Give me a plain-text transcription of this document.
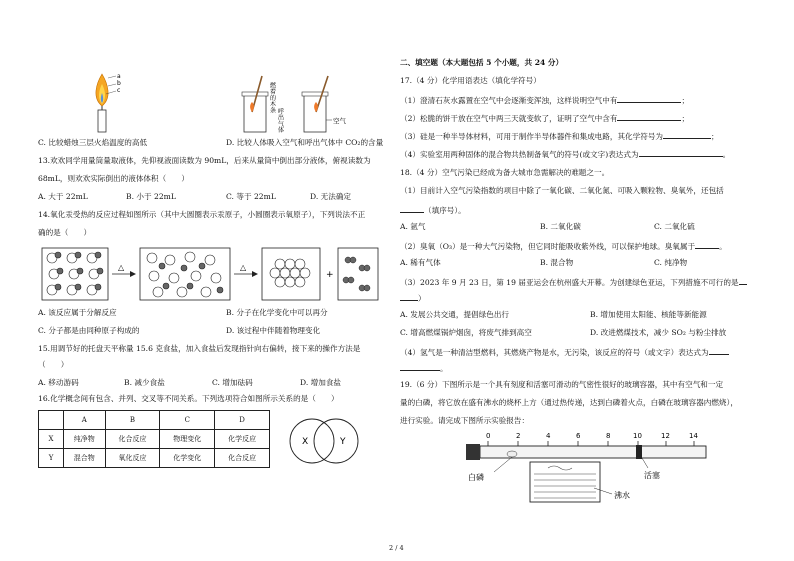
a
b
c	燃着的木条
呼出气体	空气
C. 比较蜡烛三层火焰温度的高低	D. 比较人体吸入空气和呼出气体中 CO₂的含量
13.欢欢同学用量筒量取液体，先仰视液面读数为 90mL，后来从量筒中倒出部分液体，俯视读数为
68mL，则欢欢实际倒出的液体体积（　　）
A. 大于 22mL	B. 小于 22mL	C. 等于 22mL	D. 无法确定
14.氧化汞受热的反应过程如图所示（其中大圆圈表示汞原子，小圆圈表示氧原子），下列说法不正
确的是（　　）
△	△
+
A. 该反应属于分解反应	B. 分子在化学变化中可以再分
C. 分子都是由同种原子构成的	D. 该过程中伴随着物理变化
15.用调节好的托盘天平称量 15.6 克食盐，加入食盐后发现指针向右偏转，接下来的操作方法是
（　　）
A. 移动游码	B. 减少食盐	C. 增加砝码	D. 增加食盐
16.化学概念间有包含、并列、交叉等不同关系。下列选项符合如图所示关系的是（　　）
	A	B	C	D
X	纯净物	化合反应	物理变化	化学反应
Y	混合物	氧化反应	化学变化	化合反应
X	Y
二、填空题（本大题包括 5 个小题，共 24 分）
17.（4 分）化学用语表达（填化学符号）
（1）澄清石灰水露置在空气中会逐渐变浑浊，这样说明空气中有	；
（2）松脆的饼干放在空气中两三天就变软了，证明了空气中含有	；
（3）硅是一种半导体材料，可用于制作半导体器件和集成电路，其化学符号为	；
（4）实验室用两种固体的混合物共热制备氧气的符号(或文字)表达式为	。
18.（4 分）空气污染已经成为备大城市急需解决的难题之一。
（1）目前计入空气污染指数的项目中除了一氧化碳、二氧化氮、可吸入颗粒物、臭氧外，还包括
（填序号）。
A. 氩气	B. 二氧化碳	C. 二氧化硫
（2）臭氧（O₃）是一种大气污染物，但它同时能吸收紫外线，可以保护地球。臭氧属于	。
A. 稀有气体	B. 混合物	C. 纯净物
（3）2023 年 9 月 23 日，第 19 届亚运会在杭州盛大开幕。为创建绿色亚运，下列措施不可行的是
）
A. 发展公共交通，提倡绿色出行	B. 增加使用太阳能、核能等新能源
C. 增高燃煤锅炉烟囱，将废气排到高空	D. 改进燃煤技术，减少 SO₂ 与粉尘排放
（4）氢气是一种清洁型燃料，其燃烧产物是水，无污染，该反应的符号（或文字）表达式为
。
19.（6 分）下图所示是一个具有刻度和活塞可滑动的气密性很好的玻璃容器，其中有空气和一定
量的白磷，将它放在盛有沸水的烧杯上方（通过热传递，达到白磷着火点，白磷在玻璃容器内燃烧），
进行实验。请完成下图所示实验报告：
0	2	4	6	8	10	12	14
白磷	活塞
沸水
2 / 4
